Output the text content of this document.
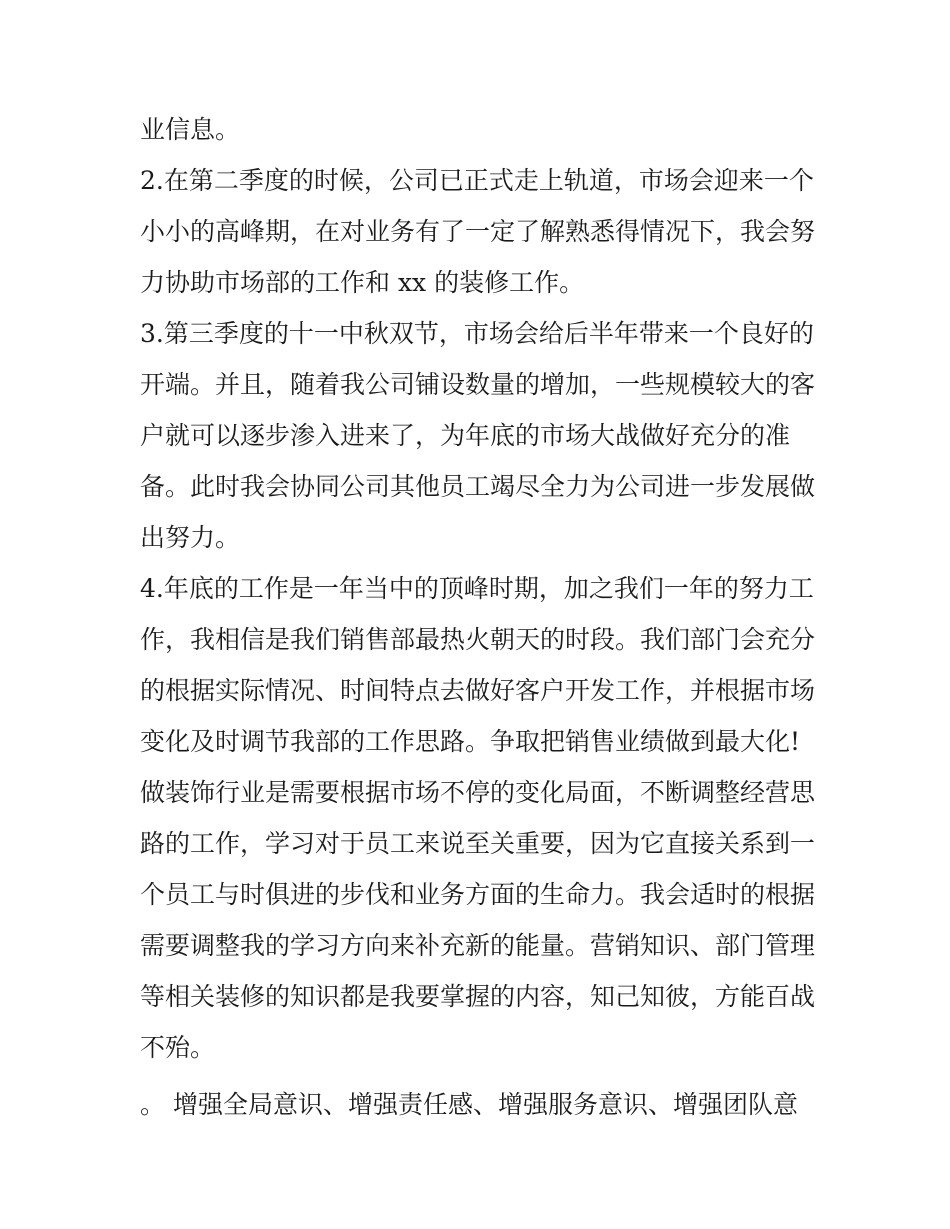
业信息。
2.在第二季度的时候，公司已正式走上轨道，市场会迎来一个
小小的高峰期，在对业务有了一定了解熟悉得情况下，我会努
力协助市场部的工作和 xx 的装修工作。
3.第三季度的十一中秋双节，市场会给后半年带来一个良好的
开端。并且，随着我公司铺设数量的增加，一些规模较大的客
户就可以逐步渗入进来了，为年底的市场大战做好充分的准
备。此时我会协同公司其他员工竭尽全力为公司进一步发展做
出努力。
4.年底的工作是一年当中的顶峰时期，加之我们一年的努力工
作，我相信是我们销售部最热火朝天的时段。我们部门会充分
的根据实际情况、时间特点去做好客户开发工作，并根据市场
变化及时调节我部的工作思路。争取把销售业绩做到最大化!
做装饰行业是需要根据市场不停的变化局面，不断调整经营思
路的工作，学习对于员工来说至关重要，因为它直接关系到一
个员工与时俱进的步伐和业务方面的生命力。我会适时的根据
需要调整我的学习方向来补充新的能量。营销知识、部门管理
等相关装修的知识都是我要掌握的内容，知己知彼，方能百战
不殆。
。 增强全局意识、增强责任感、增强服务意识、增强团队意
